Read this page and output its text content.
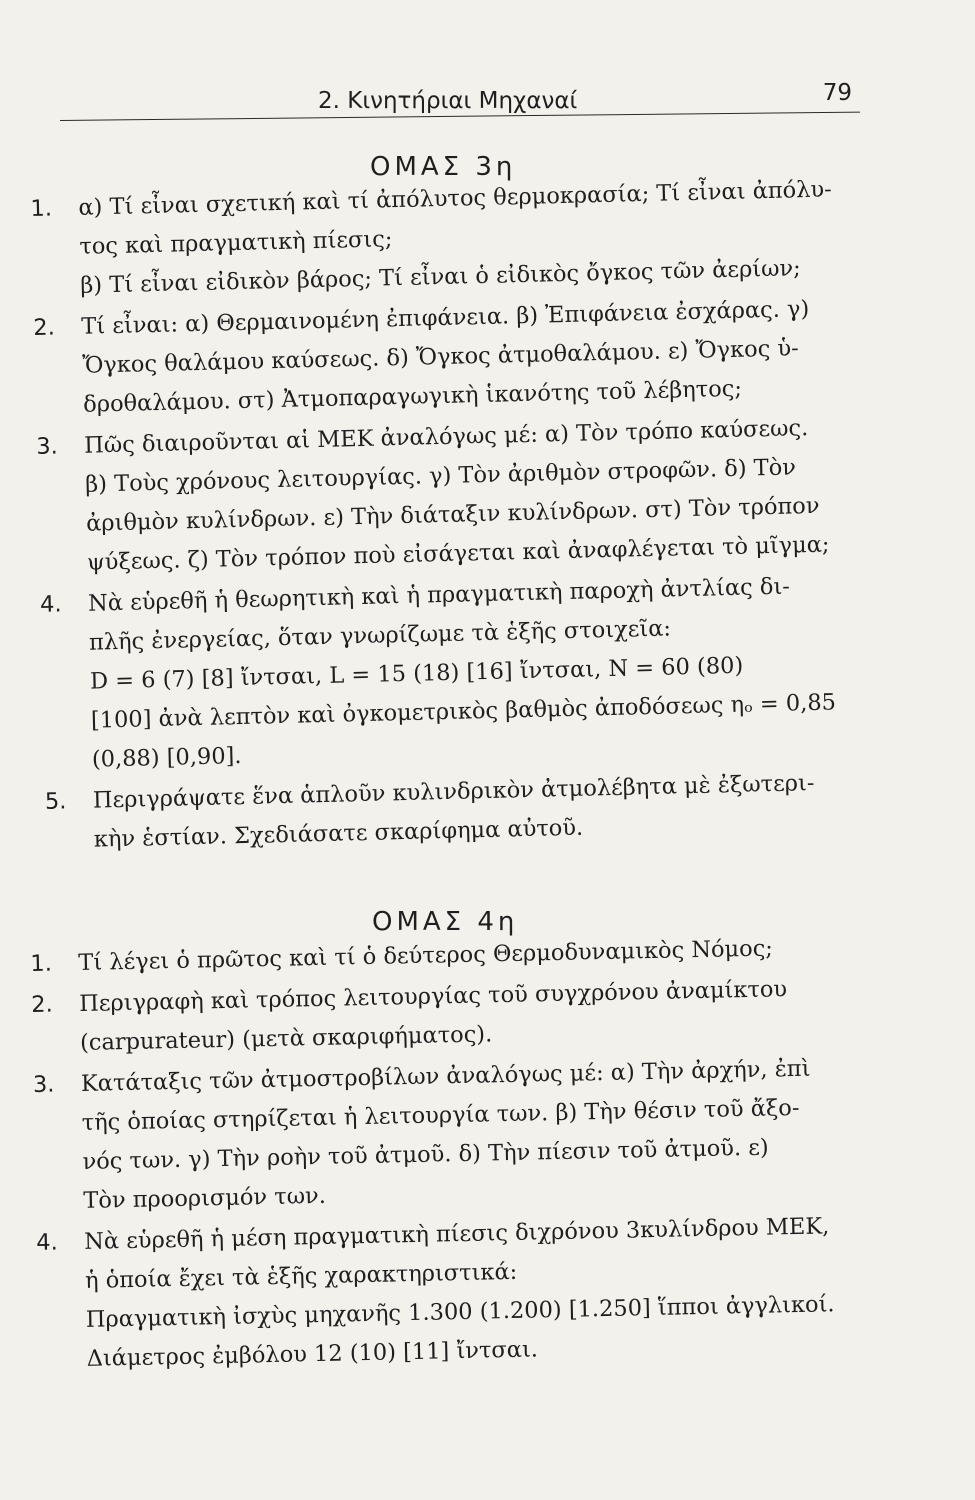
2. Κινητήριαι Μηχαναί	79
ΟΜΑΣ 3η
1. α) Τί εἶναι σχετική καὶ τί ἀπόλυτος θερμοκρασία; Τί εἶναι ἀπόλυ-
τος καὶ πραγματικὴ πίεσις;
β) Τί εἶναι εἰδικὸν βάρος; Τί εἶναι ὁ εἰδικὸς ὄγκος τῶν ἀερίων;
2. Τί εἶναι: α) Θερμαινομένη ἐπιφάνεια. β) Ἐπιφάνεια ἐσχάρας. γ)
Ὄγκος θαλάμου καύσεως. δ) Ὄγκος ἀτμοθαλάμου. ε) Ὄγκος ὑ-
δροθαλάμου. στ) Ἀτμοπαραγωγικὴ ἱκανότης τοῦ λέβητος;
3. Πῶς διαιροῦνται αἱ ΜΕΚ ἀναλόγως μέ: α) Τὸν τρόπο καύσεως.
β) Τοὺς χρόνους λειτουργίας. γ) Τὸν ἀριθμὸν στροφῶν. δ) Τὸν
ἀριθμὸν κυλίνδρων. ε) Τὴν διάταξιν κυλίνδρων. στ) Τὸν τρόπον
ψύξεως. ζ) Τὸν τρόπον ποὺ εἰσάγεται καὶ ἀναφλέγεται τὸ μῖγμα;
4. Νὰ εὑρεθῆ ἡ θεωρητικὴ καὶ ἡ πραγματικὴ παροχὴ ἀντλίας δι-
πλῆς ἐνεργείας, ὅταν γνωρίζωμε τὰ ἑξῆς στοιχεῖα:
D = 6 (7) [8] ἴντσαι, L = 15 (18) [16] ἴντσαι, N = 60 (80)
[100] ἀνὰ λεπτὸν καὶ ὀγκομετρικὸς βαθμὸς ἀποδόσεως ηₒ = 0,85
(0,88) [0,90].
5. Περιγράψατε ἕνα ἁπλοῦν κυλινδρικὸν ἀτμολέβητα μὲ ἐξωτερι-
κὴν ἑστίαν. Σχεδιάσατε σκαρίφημα αὐτοῦ.
ΟΜΑΣ 4η
1. Τί λέγει ὁ πρῶτος καὶ τί ὁ δεύτερος Θερμοδυναμικὸς Νόμος;
2. Περιγραφὴ καὶ τρόπος λειτουργίας τοῦ συγχρόνου ἀναμίκτου
(carpurateur) (μετὰ σκαριφήματος).
3. Κατάταξις τῶν ἀτμοστροβίλων ἀναλόγως μέ: α) Τὴν ἀρχήν, ἐπὶ
τῆς ὁποίας στηρίζεται ἡ λειτουργία των. β) Τὴν θέσιν τοῦ ἄξο-
νός των. γ) Τὴν ροὴν τοῦ ἀτμοῦ. δ) Τὴν πίεσιν τοῦ ἀτμοῦ. ε)
Τὸν προορισμόν των.
4. Νὰ εὑρεθῆ ἡ μέση πραγματικὴ πίεσις διχρόνου 3κυλίνδρου ΜΕΚ,
ἡ ὁποία ἔχει τὰ ἑξῆς χαρακτηριστικά:
Πραγματικὴ ἰσχὺς μηχανῆς 1.300 (1.200) [1.250] ἵπποι ἀγγλικοί.
Διάμετρος ἐμβόλου 12 (10) [11] ἴντσαι.
